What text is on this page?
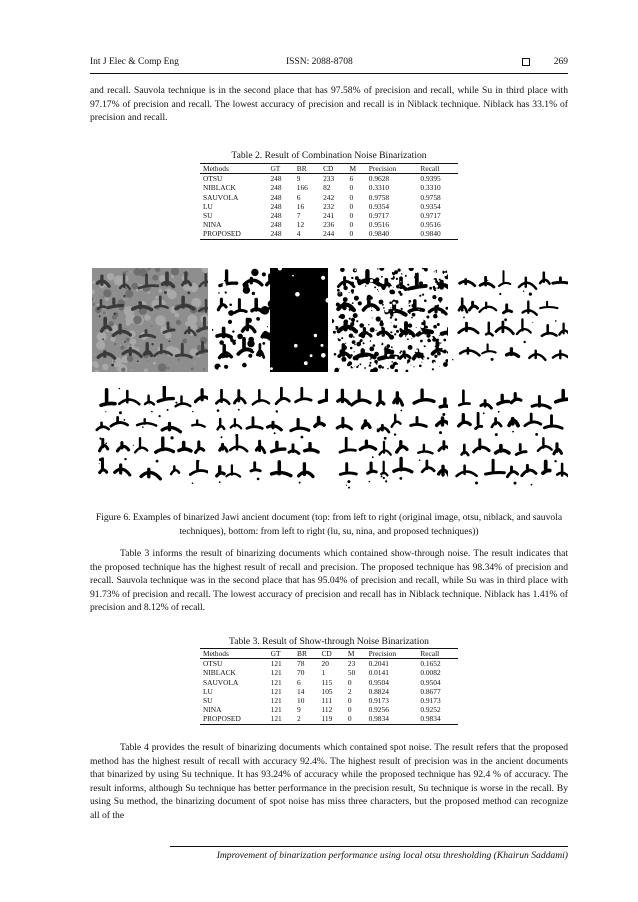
Int J Elec & Comp Eng	ISSN: 2088-8708	269
and recall. Sauvola technique is in the second place that has 97.58% of precision and recall, while Su in third place with 97.17% of precision and recall. The lowest accuracy of precision and recall is in Niblack technique. Niblack has 33.1% of precision and recall.
Table 2. Result of Combination Noise Binarization
Methods	GT	BR	CD	M	Precision	Recall
OTSU	248	9	233	6	0.9628	0.9395
NIBLACK	248	166	82	0	0.3310	0.3310
SAUVOLA	248	6	242	0	0.9758	0.9758
LU	248	16	232	0	0.9354	0.9354
SU	248	7	241	0	0.9717	0.9717
NINA	248	12	236	0	0.9516	0.9516
PROPOSED	248	4	244	0	0.9840	0.9840
Figure 6. Examples of binarized Jawi ancient document (top: from left to right (original image, otsu, niblack, and sauvola techniques), bottom: from left to right (lu, su, nina, and proposed techniques))
Table 3 informs the result of binarizing documents which contained show-through noise. The result indicates that the proposed technique has the highest result of recall and precision. The proposed technique has 98.34% of precision and recall. Sauvola technique was in the second place that has 95.04% of precision and recall, while Su was in third place with 91.73% of precision and recall. The lowest accuracy of precision and recall has in Niblack technique. Niblack has 1.41% of precision and 8.12% of recall.
Table 3. Result of Show-through Noise Binarization
Methods	GT	BR	CD	M	Precision	Recall
OTSU	121	78	20	23	0.2041	0.1652
NIBLACK	121	70	1	50	0.0141	0.0082
SAUVOLA	121	6	115	0	0.9504	0.9504
LU	121	14	105	2	0.8824	0.8677
SU	121	10	111	0	0.9173	0.9173
NINA	121	9	112	0	0.9256	0.9252
PROPOSED	121	2	119	0	0.9834	0.9834
Table 4 provides the result of binarizing documents which contained spot noise. The result refers that the proposed method has the highest result of recall with accuracy 92.4%. The highest result of precision was in the ancient documents that binarized by using Su technique. It has 93.24% of accuracy while the proposed technique has 92.4 % of accuracy. The result informs, although Su technique has better performance in the precision result, Su technique is worse in the recall. By using Su method, the binarizing document of spot noise has miss three characters, but the proposed method can recognize all of the
Improvement of binarization performance using local otsu thresholding (Khairun Saddami)
